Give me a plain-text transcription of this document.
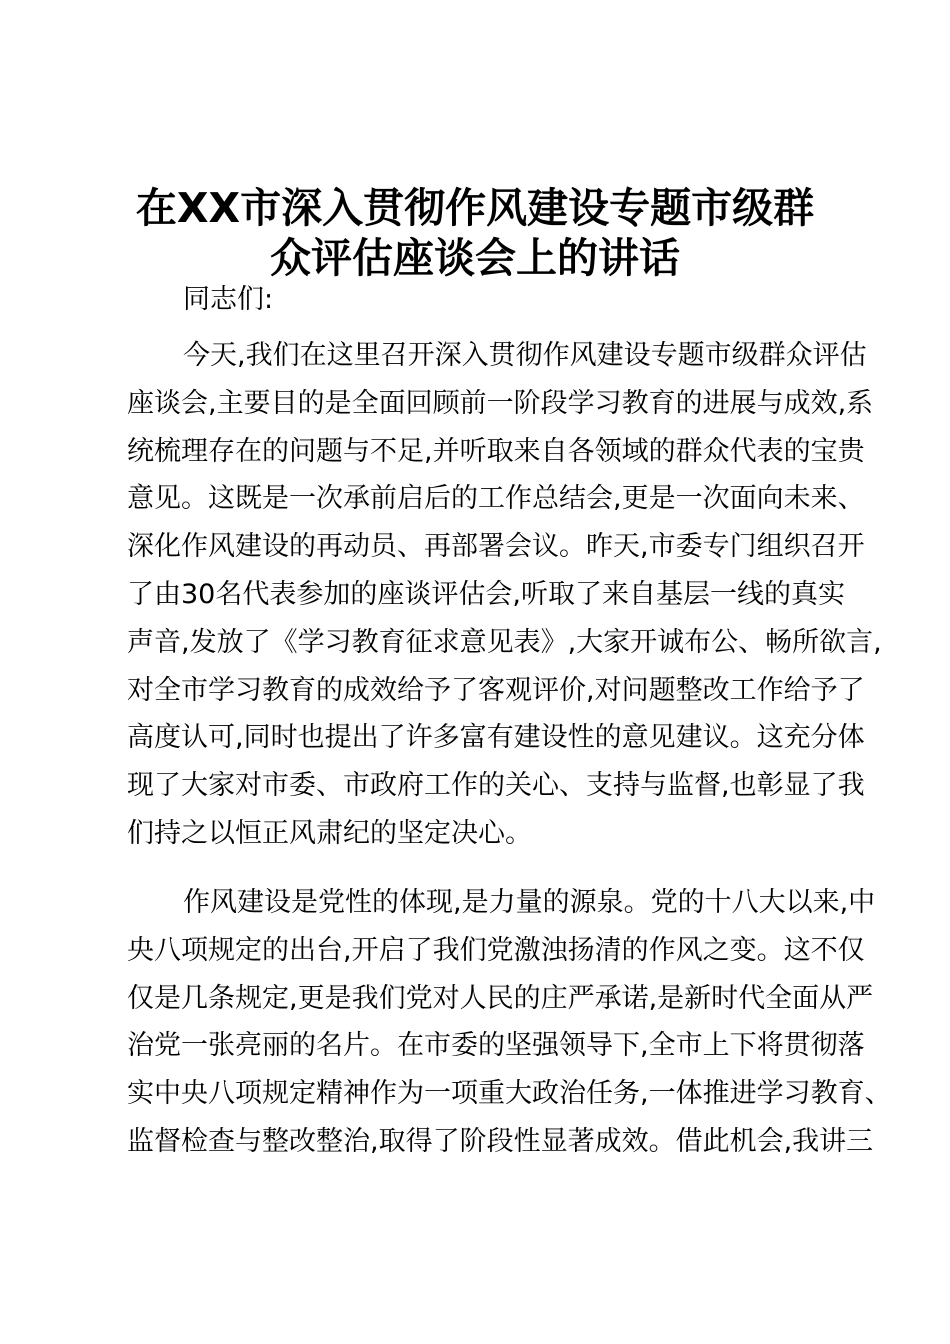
在XX市深入贯彻作风建设专题市级群
众评估座谈会上的讲话
同志们:
今天,我们在这里召开深入贯彻作风建设专题市级群众评估
座谈会,主要目的是全面回顾前一阶段学习教育的进展与成效,系
统梳理存在的问题与不足,并听取来自各领域的群众代表的宝贵
意见。这既是一次承前启后的工作总结会,更是一次面向未来、
深化作风建设的再动员、再部署会议。昨天,市委专门组织召开
了由30名代表参加的座谈评估会,听取了来自基层一线的真实
声音,发放了《学习教育征求意见表》,大家开诚布公、畅所欲言,
对全市学习教育的成效给予了客观评价,对问题整改工作给予了
高度认可,同时也提出了许多富有建设性的意见建议。这充分体
现了大家对市委、市政府工作的关心、支持与监督,也彰显了我
们持之以恒正风肃纪的坚定决心。
作风建设是党性的体现,是力量的源泉。党的十八大以来,中
央八项规定的出台,开启了我们党激浊扬清的作风之变。这不仅
仅是几条规定,更是我们党对人民的庄严承诺,是新时代全面从严
治党一张亮丽的名片。在市委的坚强领导下,全市上下将贯彻落
实中央八项规定精神作为一项重大政治任务,一体推进学习教育、
监督检查与整改整治,取得了阶段性显著成效。借此机会,我讲三
